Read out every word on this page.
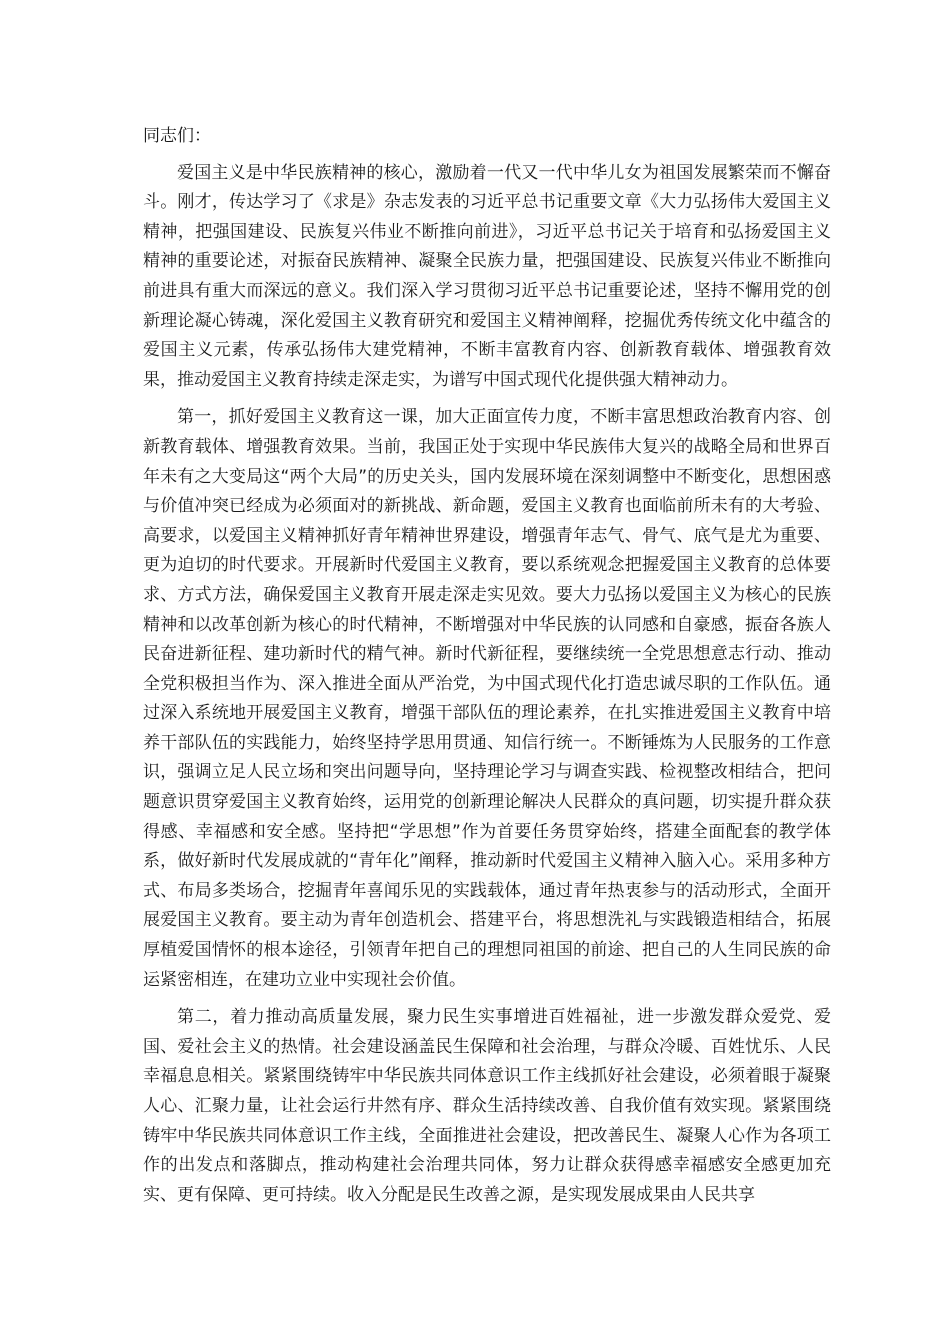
同志们：

爱国主义是中华民族精神的核心，激励着一代又一代中华儿女为祖国发展繁荣而不懈奋斗。刚才，传达学习了《求是》杂志发表的习近平总书记重要文章《大力弘扬伟大爱国主义精神，把强国建设、民族复兴伟业不断推向前进》，习近平总书记关于培育和弘扬爱国主义精神的重要论述，对振奋民族精神、凝聚全民族力量，把强国建设、民族复兴伟业不断推向前进具有重大而深远的意义。我们深入学习贯彻习近平总书记重要论述，坚持不懈用党的创新理论凝心铸魂，深化爱国主义教育研究和爱国主义精神阐释，挖掘优秀传统文化中蕴含的爱国主义元素，传承弘扬伟大建党精神，不断丰富教育内容、创新教育载体、增强教育效果，推动爱国主义教育持续走深走实，为谱写中国式现代化提供强大精神动力。

第一，抓好爱国主义教育这一课，加大正面宣传力度，不断丰富思想政治教育内容、创新教育载体、增强教育效果。当前，我国正处于实现中华民族伟大复兴的战略全局和世界百年未有之大变局这“两个大局”的历史关头，国内发展环境在深刻调整中不断变化，思想困惑与价值冲突已经成为必须面对的新挑战、新命题，爱国主义教育也面临前所未有的大考验、高要求，以爱国主义精神抓好青年精神世界建设，增强青年志气、骨气、底气是尤为重要、更为迫切的时代要求。开展新时代爱国主义教育，要以系统观念把握爱国主义教育的总体要求、方式方法，确保爱国主义教育开展走深走实见效。要大力弘扬以爱国主义为核心的民族精神和以改革创新为核心的时代精神，不断增强对中华民族的认同感和自豪感，振奋各族人民奋进新征程、建功新时代的精气神。新时代新征程，要继续统一全党思想意志行动、推动全党积极担当作为、深入推进全面从严治党，为中国式现代化打造忠诚尽职的工作队伍。通过深入系统地开展爱国主义教育，增强干部队伍的理论素养，在扎实推进爱国主义教育中培养干部队伍的实践能力，始终坚持学思用贯通、知信行统一。不断锤炼为人民服务的工作意识，强调立足人民立场和突出问题导向，坚持理论学习与调查实践、检视整改相结合，把问题意识贯穿爱国主义教育始终，运用党的创新理论解决人民群众的真问题，切实提升群众获得感、幸福感和安全感。坚持把“学思想”作为首要任务贯穿始终，搭建全面配套的教学体系，做好新时代发展成就的“青年化”阐释，推动新时代爱国主义精神入脑入心。采用多种方式、布局多类场合，挖掘青年喜闻乐见的实践载体，通过青年热衷参与的活动形式，全面开展爱国主义教育。要主动为青年创造机会、搭建平台，将思想洗礼与实践锻造相结合，拓展厚植爱国情怀的根本途径，引领青年把自己的理想同祖国的前途、把自己的人生同民族的命运紧密相连，在建功立业中实现社会价值。

第二，着力推动高质量发展，聚力民生实事增进百姓福祉，进一步激发群众爱党、爱国、爱社会主义的热情。社会建设涵盖民生保障和社会治理，与群众冷暖、百姓忧乐、人民幸福息息相关。紧紧围绕铸牢中华民族共同体意识工作主线抓好社会建设，必须着眼于凝聚人心、汇聚力量，让社会运行井然有序、群众生活持续改善、自我价值有效实现。紧紧围绕铸牢中华民族共同体意识工作主线，全面推进社会建设，把改善民生、凝聚人心作为各项工作的出发点和落脚点，推动构建社会治理共同体，努力让群众获得感幸福感安全感更加充实、更有保障、更可持续。收入分配是民生改善之源，是实现发展成果由人民共享
